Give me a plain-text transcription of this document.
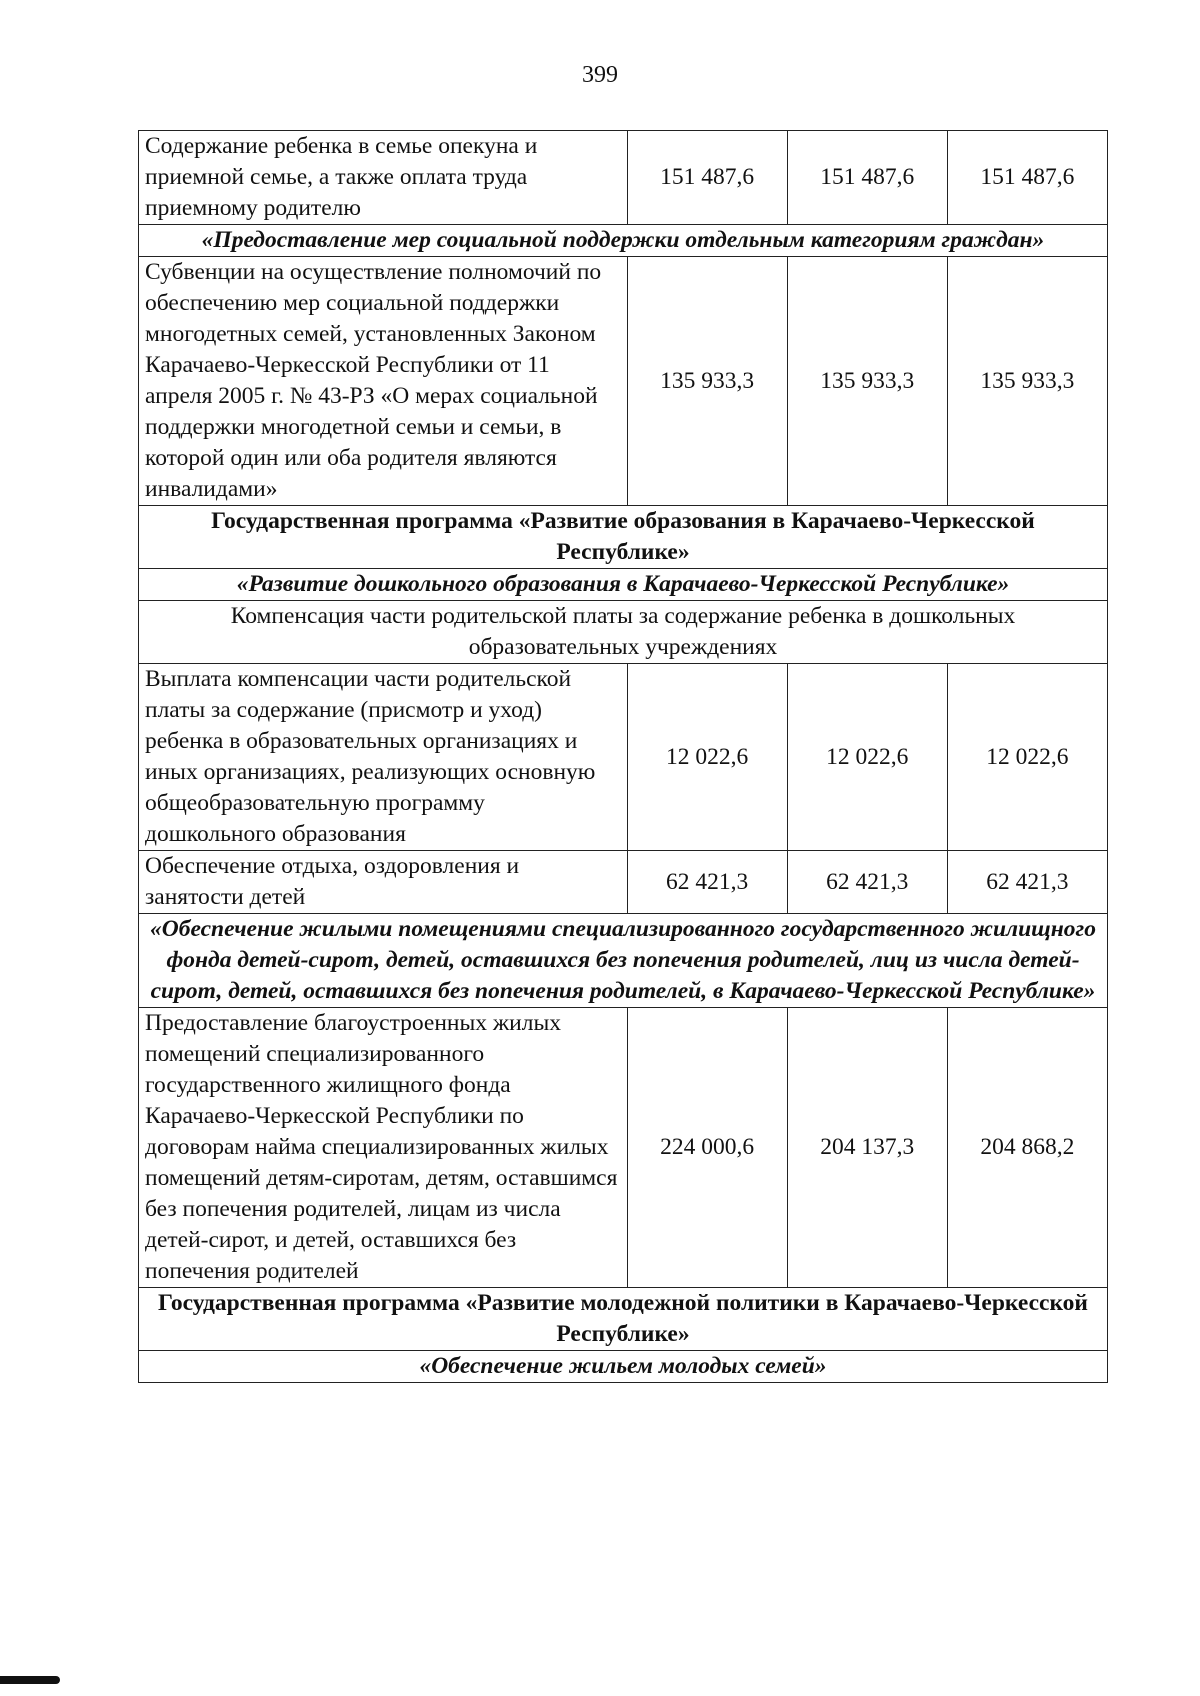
399
Содержание ребенка в семье опекуна и приемной семье, а также оплата труда приемному родителю	151 487,6	151 487,6	151 487,6
«Предоставление мер социальной поддержки отдельным категориям граждан»			
Субвенции на осуществление полномочий по обеспечению мер социальной поддержки многодетных семей, установленных Законом Карачаево-Черкесской Республики от 11 апреля 2005 г. № 43-РЗ «О мерах социальной поддержки многодетной семьи и семьи, в которой один или оба родителя являются инвалидами»	135 933,3	135 933,3	135 933,3
Государственная программа «Развитие образования в Карачаево-Черкесской Республике»			
«Развитие дошкольного образования в Карачаево-Черкесской Республике»			
Компенсация части родительской платы за содержание ребенка в дошкольных образовательных учреждениях			
Выплата компенсации части родительской платы за содержание (присмотр и уход) ребенка в образовательных организациях и иных организациях, реализующих основную общеобразовательную программу дошкольного образования	12 022,6	12 022,6	12 022,6
Обеспечение отдыха, оздоровления и занятости детей	62 421,3	62 421,3	62 421,3
«Обеспечение жилыми помещениями специализированного государственного жилищного фонда детей-сирот, детей, оставшихся без попечения родителей, лиц из числа детей-сирот, детей, оставшихся без попечения родителей, в Карачаево-Черкесской Республике»			
Предоставление благоустроенных жилых помещений специализированного государственного жилищного фонда Карачаево-Черкесской Республики по договорам найма специализированных жилых помещений детям-сиротам, детям, оставшимся без попечения родителей, лицам из числа детей-сирот, и детей, оставшихся без попечения родителей	224 000,6	204 137,3	204 868,2
Государственная программа «Развитие молодежной политики в Карачаево-Черкесской Республике»			
«Обеспечение жильем молодых семей»			
